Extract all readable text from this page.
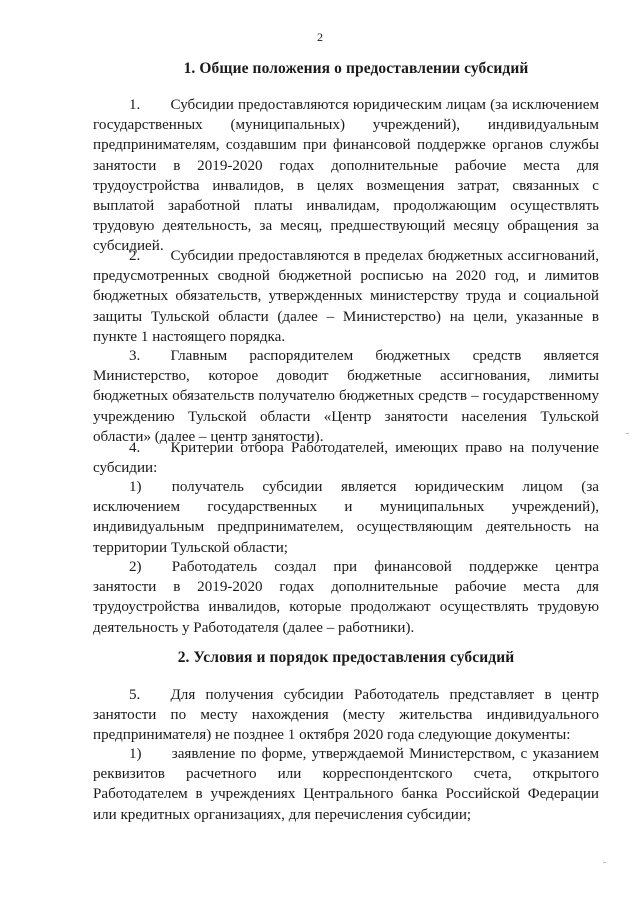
2
1. Общие положения о предоставлении субсидий

1.  Субсидии предоставляются юридическим лицам (за исключением государственных (муниципальных) учреждений), индивидуальным предпринимателям, создавшим при финансовой поддержке органов службы занятости в 2019-2020 годах дополнительные рабочие места для трудоустройства инвалидов, в целях возмещения затрат, связанных с выплатой заработной платы инвалидам, продолжающим осуществлять трудовую деятельность, за месяц, предшествующий месяцу обращения за субсидией.

2.  Субсидии предоставляются в пределах бюджетных ассигнований, предусмотренных сводной бюджетной росписью на 2020 год, и лимитов бюджетных обязательств, утвержденных министерству труда и социальной защиты Тульской области (далее – Министерство) на цели, указанные в пункте 1 настоящего порядка.

3.  Главным распорядителем бюджетных средств является Министерство, которое доводит бюджетные ассигнования, лимиты бюджетных обязательств получателю бюджетных средств – государственному учреждению Тульской области «Центр занятости населения Тульской области» (далее – центр занятости).

4.  Критерии отбора Работодателей, имеющих право на получение субсидии:

1)  получатель субсидии является юридическим лицом (за исключением государственных и муниципальных учреждений), индивидуальным предпринимателем, осуществляющим деятельность на территории Тульской области;

2)  Работодатель создал при финансовой поддержке центра занятости в 2019-2020 годах дополнительные рабочие места для трудоустройства инвалидов, которые продолжают осуществлять трудовую деятельность у Работодателя (далее – работники).

2. Условия и порядок предоставления субсидий

5.  Для получения субсидии Работодатель представляет в центр занятости по месту нахождения (месту жительства индивидуального предпринимателя) не позднее 1 октября 2020 года следующие документы:

1)  заявление по форме, утверждаемой Министерством, с указанием реквизитов расчетного или корреспондентского счета, открытого Работодателем в учреждениях Центрального банка Российской Федерации или кредитных организациях, для перечисления субсидии;
